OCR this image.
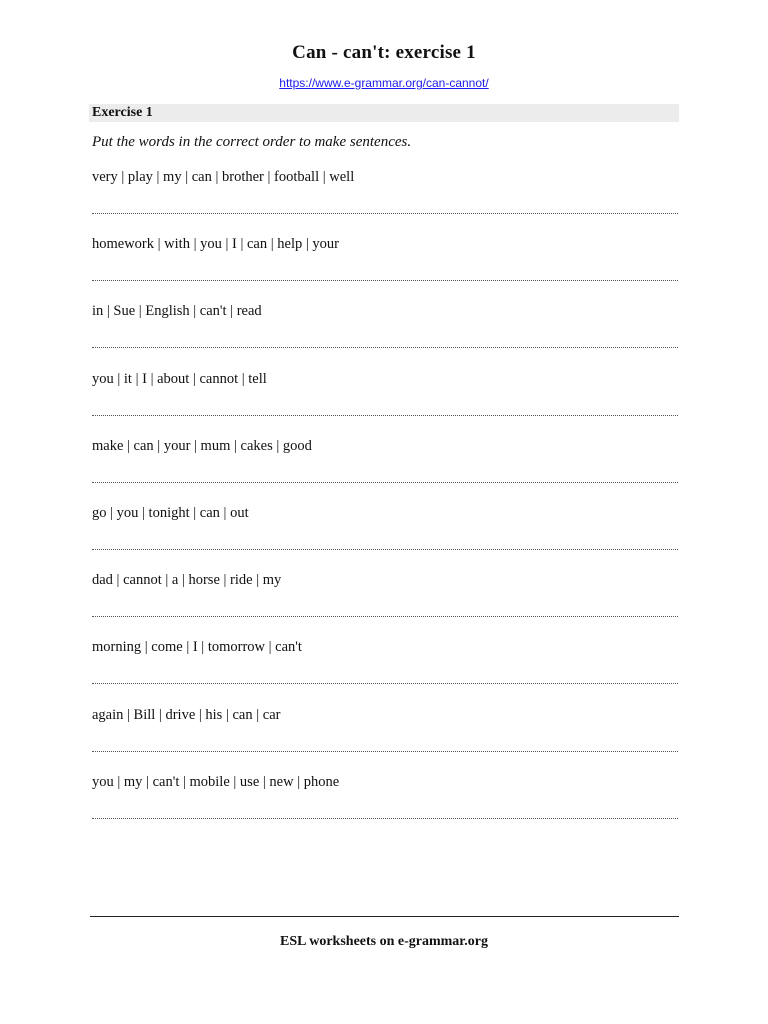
Can - can't: exercise 1
https://www.e-grammar.org/can-cannot/
Exercise 1
Put the words in the correct order to make sentences.
very | play | my | can | brother | football | well
homework | with | you | I | can | help | your
in | Sue | English | can't | read
you | it | I | about | cannot | tell
make | can | your | mum | cakes | good
go | you | tonight | can | out
dad | cannot | a | horse | ride | my
morning | come | I | tomorrow | can't
again | Bill | drive | his | can | car
you | my | can't | mobile | use | new | phone
ESL worksheets on e-grammar.org
